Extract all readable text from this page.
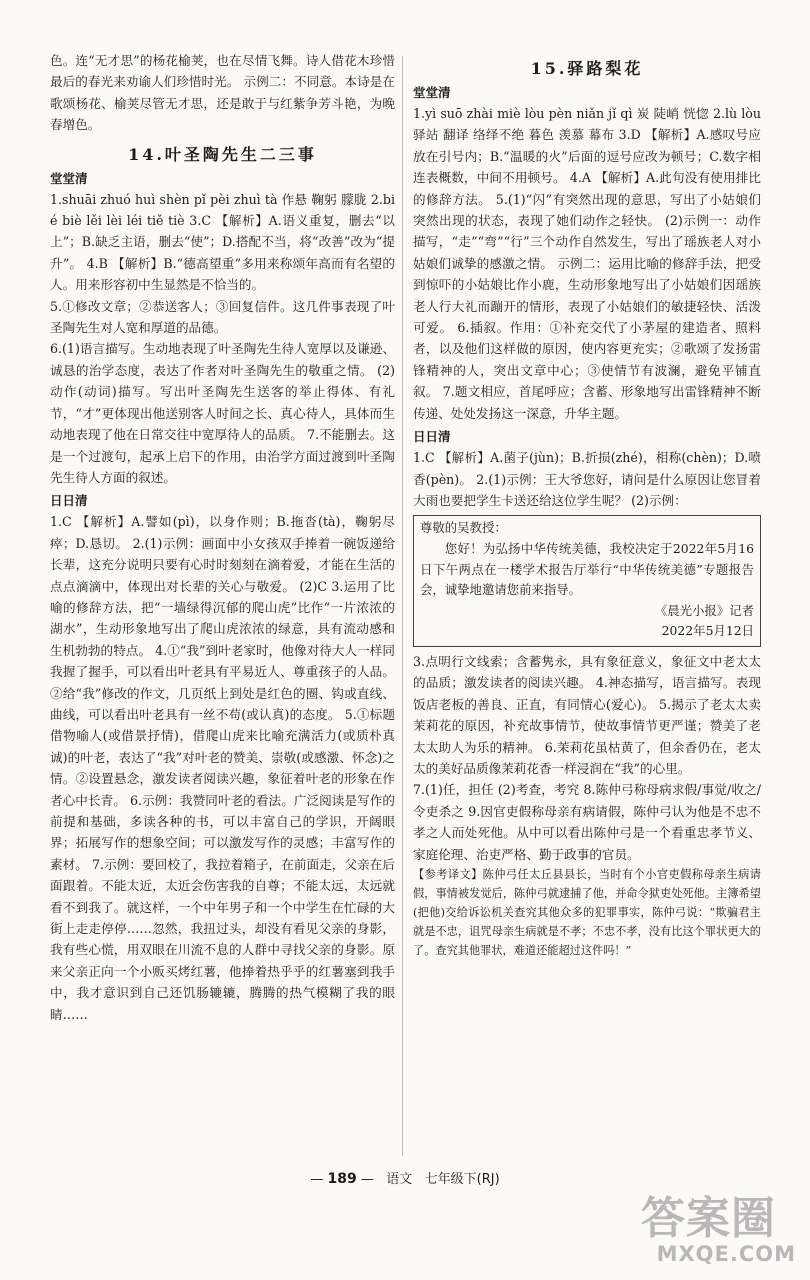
色。连“无才思”的杨花榆荚，也在尽情飞舞。诗人借花木珍惜最后的春光来劝谕人们珍惜时光。 示例二：不同意。本诗是在歌颂杨花、榆荚尽管无才思，还是敢于与红紫争芳斗艳，为晚春增色。

14.叶圣陶先生二三事
堂堂清

1.shuāi zhuó huì shèn pǐ pèi zhuì tà 作悬 鞠躬 朦胧 2.bié biè lěi lèi léi tiě tiè 3.C 【解析】A.语义重复，删去“以上”；B.缺乏主语，删去“使”；D.搭配不当，将“改善”改为“提升”。 4.B 【解析】B.“德高望重”多用来称颂年高而有名望的人。用来形容初中生显然是不恰当的。

5.①修改文章；②恭送客人；③回复信件。这几件事表现了叶圣陶先生对人宽和厚道的品德。

6.(1)语言描写。生动地表现了叶圣陶先生待人宽厚以及谦逊、诚恳的治学态度，表达了作者对叶圣陶先生的敬重之情。 (2)动作(动词)描写。写出叶圣陶先生送客的举止得体、有礼节，“才”更体现出他送别客人时间之长、真心待人，具体而生动地表现了他在日常交往中宽厚待人的品质。 7.不能删去。这是一个过渡句，起承上启下的作用，由治学方面过渡到叶圣陶先生待人方面的叙述。

日日清

1.C 【解析】A.譬如(pì)，以身作则；B.拖沓(tà)，鞠躬尽瘁；D.恳切。 2.(1)示例：画面中小女孩双手捧着一碗饭递给长辈，这充分说明只要有心时时刻刻在滴着爱，才能在生活的点点滴滴中，体现出对长辈的关心与敬爱。 (2)C 3.运用了比喻的修辞方法，把“一墙绿得沉郁的爬山虎”比作“一片浓浓的湖水”，生动形象地写出了爬山虎浓浓的绿意，具有流动感和生机勃勃的特点。 4.①“我”到叶老家时，他像对待大人一样同我握了握手，可以看出叶老具有平易近人、尊重孩子的人品。②给“我”修改的作文，几页纸上到处是红色的圈、钩或直线、曲线，可以看出叶老具有一丝不苟(或认真)的态度。 5.①标题借物喻人(或借景抒情)，借爬山虎来比喻充满活力(或质朴真诚)的叶老，表达了“我”对叶老的赞美、崇敬(或感激、怀念)之情。②设置悬念，激发读者阅读兴趣，象征着叶老的形象在作者心中长青。 6.示例：我赞同叶老的看法。广泛阅读是写作的前提和基础，多读各种的书，可以丰富自己的学识，开阔眼界；拓展写作的想象空间；可以激发写作的灵感；丰富写作的素材。 7.示例：要回校了，我拉着箱子，在前面走，父亲在后面跟着。不能太近，太近会伤害我的自尊；不能太远，太远就看不到我了。就这样，一个中年男子和一个中学生在忙碌的大街上走走停停……忽然，我扭过头，却没有看见父亲的身影，我有些心慌，用双眼在川流不息的人群中寻找父亲的身影。原来父亲正向一个小贩买烤红薯，他捧着热乎乎的红薯塞到我手中，我才意识到自己还饥肠辘辘，腾腾的热气模糊了我的眼睛……

15.驿路梨花
堂堂清

1.yì suō zhài miè lòu pèn niǎn jǐ qì 炭 陡峭 恍惚 2.lù lòu 驿站 翻译 络绎不绝 暮色 羡慕 幕布 3.D 【解析】A.感叹号应放在引号内；B.“温暖的火”后面的逗号应改为顿号；C.数字相连表概数，中间不用顿号。 4.A 【解析】A.此句没有使用排比的修辞方法。 5.(1)“闪”有突然出现的意思，写出了小姑娘们突然出现的状态，表现了她们动作之轻快。 (2)示例一：动作描写，“走”“弯”“行”三个动作自然发生，写出了瑶族老人对小姑娘们诚挚的感激之情。 示例二：运用比喻的修辞手法，把受到惊吓的小姑娘比作小鹿，生动形象地写出了小姑娘们因瑶族老人行大礼而蹦开的情形，表现了小姑娘们的敏捷轻快、活泼可爱。 6.插叙。作用：①补充交代了小茅屋的建造者、照料者，以及他们这样做的原因，使内容更充实；②歌颂了发扬雷锋精神的人，突出文章中心；③使情节有波澜，避免平铺直叙。 7.题文相应，首尾呼应；含蓄、形象地写出雷锋精神不断传递、处处发扬这一深意，升华主题。

日日清

1.C 【解析】A.菌子(jùn)；B.折损(zhé)，相称(chèn)；D.喷香(pèn)。 2.(1)示例：王大爷您好，请问是什么原因让您冒着大雨也要把学生卡送还给这位学生呢？ (2)示例：

尊敬的吴教授：

您好！为弘扬中华传统美德，我校决定于2022年5月16日下午两点在一楼学术报告厅举行“中华传统美德”专题报告会，诚挚地邀请您前来指导。

《晨光小报》记者

2022年5月12日

3.点明行文线索；含蓄隽永，具有象征意义，象征文中老太太的品质；激发读者的阅读兴趣。 4.神态描写，语言描写。表现饭店老板的善良、正直，有同情心(爱心)。 5.揭示了老太太卖茉莉花的原因，补充故事情节，使故事情节更严谨；赞美了老太太助人为乐的精神。 6.茉莉花虽枯黄了，但余香仍在，老太太的美好品质像茉莉花香一样浸润在“我”的心里。

7.(1)任，担任 (2)考查，考究 8.陈仲弓称母病求假/事觉/收之/令吏杀之 9.因官吏假称母亲有病请假，陈仲弓认为他是不忠不孝之人而处死他。从中可以看出陈仲弓是一个看重忠孝节义、家庭伦理、治吏严格、勤于政事的官员。

【参考译文】陈仲弓任太丘县县长，当时有个小官吏假称母亲生病请假，事情被发觉后，陈仲弓就逮捕了他，并命令狱吏处死他。主簿希望(把他)交给诉讼机关查究其他众多的犯罪事实，陈仲弓说：“欺骗君主就是不忠，诅咒母亲生病就是不孝；不忠不孝，没有比这个罪状更大的了。查究其他罪状，难道还能超过这件吗！”

— 189 —   语文 七年级下(RJ)
答案圈
MXQE.COM
